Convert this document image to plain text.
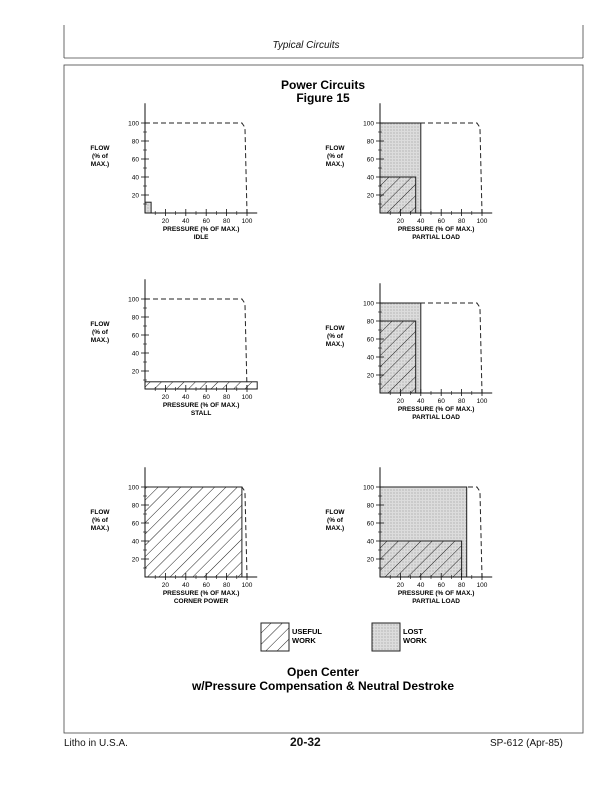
Typical Circuits
Power Circuits
Figure 15
20
40
60
80
100
20 40 60 80 100
PRESSURE (% OF MAX.)
IDLE
FLOW
(% of
MAX.)
20
40
60
80
100
20 40 60 80 100
PRESSURE (% OF MAX.)
PARTIAL LOAD
FLOW
(% of
MAX.)
20
40
60
80
100
20 40 60 80 100
PRESSURE (% OF MAX.)
STALL
FLOW
(% of
MAX.)
20
40
60
80
100
20 40 60 80 100
PRESSURE (% OF MAX.)
PARTIAL LOAD
FLOW
(% of
MAX.)
20
40
60
80
100
20 40 60 80 100
PRESSURE (% OF MAX.)
CORNER POWER
FLOW
(% of
MAX.)
20
40
60
80
100
20 40 60 80 100
PRESSURE (% OF MAX.)
PARTIAL LOAD
FLOW
(% of
MAX.)
USEFUL WORK
LOST WORK
Open Center
w/Pressure Compensation & Neutral Destroke
Litho in U.S.A.	20-32	SP-612 (Apr-85)
